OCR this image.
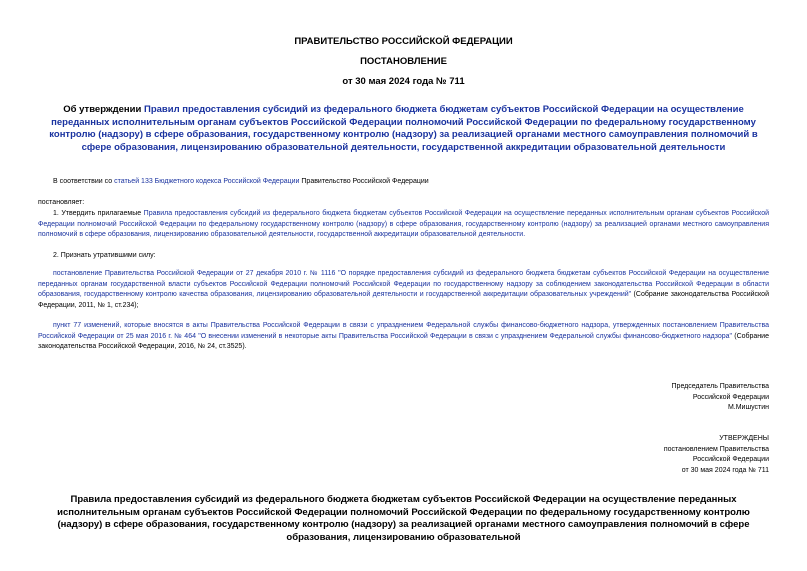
ПРАВИТЕЛЬСТВО РОССИЙСКОЙ ФЕДЕРАЦИИ
ПОСТАНОВЛЕНИЕ
от 30 мая 2024 года № 711
Об утверждении Правил предоставления субсидий из федерального бюджета бюджетам субъектов Российской Федерации на осуществление переданных исполнительным органам субъектов Российской Федерации полномочий Российской Федерации по федеральному государственному контролю (надзору) в сфере образования, государственному контролю (надзору) за реализацией органами местного самоуправления полномочий в сфере образования, лицензированию образовательной деятельности, государственной аккредитации образовательной деятельности
В соответствии со статьей 133 Бюджетного кодекса Российской Федерации Правительство Российской Федерации
постановляет:
1. Утвердить прилагаемые Правила предоставления субсидий из федерального бюджета бюджетам субъектов Российской Федерации на осуществление переданных исполнительным органам субъектов Российской Федерации полномочий Российской Федерации по федеральному государственному контролю (надзору) в сфере образования, государственному контролю (надзору) за реализацией органами местного самоуправления полномочий в сфере образования, лицензированию образовательной деятельности, государственной аккредитации образовательной деятельности.
2. Признать утратившими силу:
постановление Правительства Российской Федерации от 27 декабря 2010 г. № 1116 "О порядке предоставления субсидий из федерального бюджета бюджетам субъектов Российской Федерации на осуществление переданных органам государственной власти субъектов Российской Федерации полномочий Российской Федерации по государственному надзору за соблюдением законодательства Российской Федерации в области образования, государственному контролю качества образования, лицензированию образовательной деятельности и государственной аккредитации образовательных учреждений" (Собрание законодательства Российской Федерации, 2011, № 1, ст.234);
пункт 77 изменений, которые вносятся в акты Правительства Российской Федерации в связи с упразднением Федеральной службы финансово-бюджетного надзора, утвержденных постановлением Правительства Российской Федерации от 25 мая 2016 г. № 464 "О внесении изменений в некоторые акты Правительства Российской Федерации в связи с упразднением Федеральной службы финансово-бюджетного надзора" (Собрание законодательства Российской Федерации, 2016, № 24, ст.3525).
Председатель Правительства
Российской Федерации
М.Мишустин
УТВЕРЖДЕНЫ
постановлением Правительства
Российской Федерации
от 30 мая 2024 года № 711
Правила предоставления субсидий из федерального бюджета бюджетам субъектов Российской Федерации на осуществление переданных исполнительным органам субъектов Российской Федерации полномочий Российской Федерации по федеральному государственному контролю (надзору) в сфере образования, государственному контролю (надзору) за реализацией органами местного самоуправления полномочий в сфере образования, лицензированию образовательной
